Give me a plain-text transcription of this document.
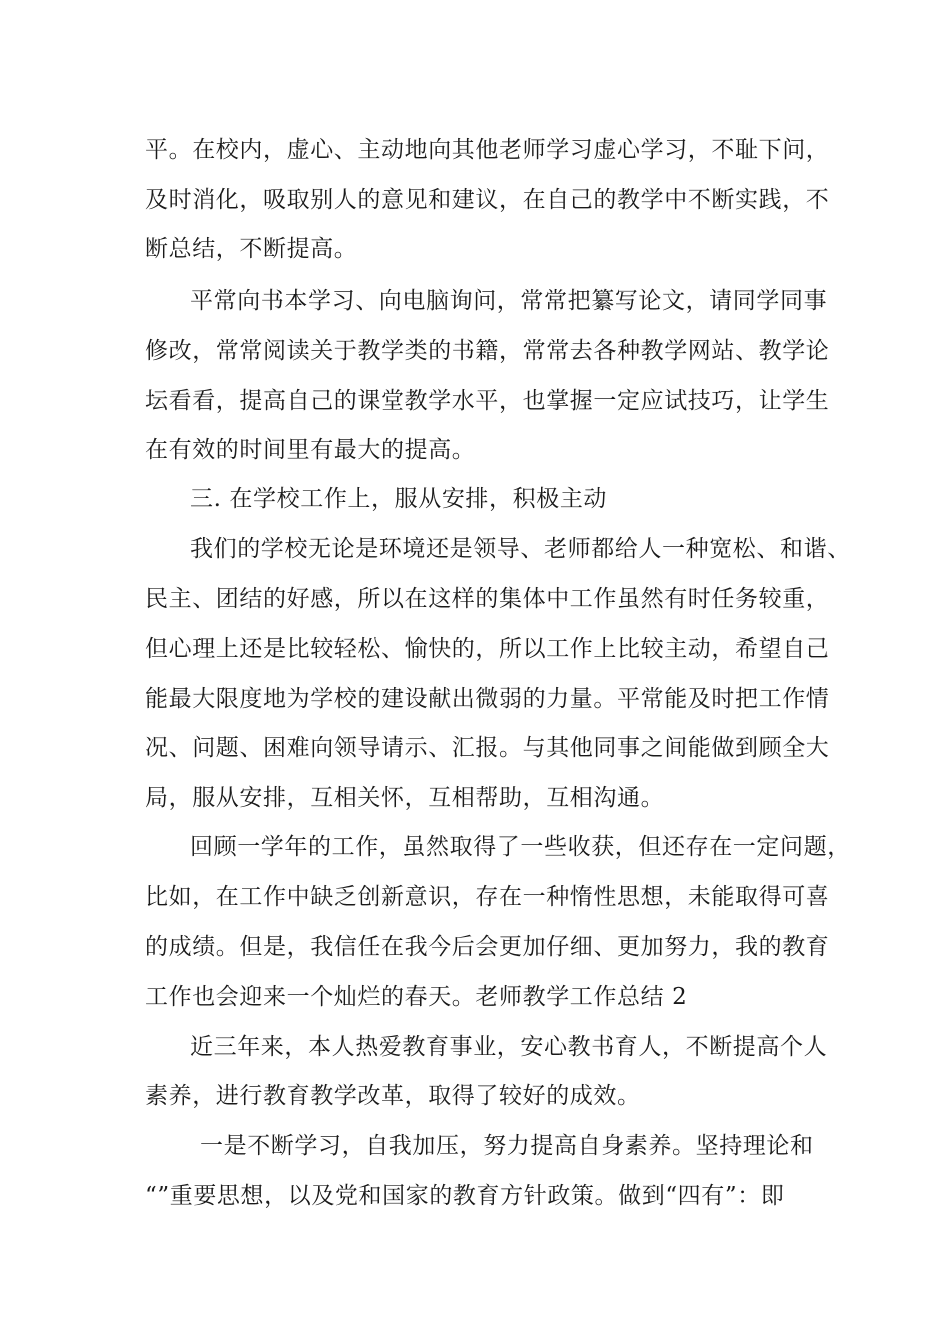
平。在校内，虚心、主动地向其他老师学习虚心学习，不耻下问，
及时消化，吸取别人的意见和建议，在自己的教学中不断实践，不
断总结，不断提高。
平常向书本学习、向电脑询问，常常把纂写论文，请同学同事
修改，常常阅读关于教学类的书籍，常常去各种教学网站、教学论
坛看看，提高自己的课堂教学水平，也掌握一定应试技巧，让学生
在有效的时间里有最大的提高。
三. 在学校工作上，服从安排，积极主动
我们的学校无论是环境还是领导、老师都给人一种宽松、和谐、
民主、团结的好感，所以在这样的集体中工作虽然有时任务较重，
但心理上还是比较轻松、愉快的，所以工作上比较主动，希望自己
能最大限度地为学校的建设献出微弱的力量。平常能及时把工作情
况、问题、困难向领导请示、汇报。与其他同事之间能做到顾全大
局，服从安排，互相关怀，互相帮助，互相沟通。
回顾一学年的工作，虽然取得了一些收获，但还存在一定问题，
比如，在工作中缺乏创新意识，存在一种惰性思想，未能取得可喜
的成绩。但是，我信任在我今后会更加仔细、更加努力，我的教育
工作也会迎来一个灿烂的春天。老师教学工作总结 2
近三年来，本人热爱教育事业，安心教书育人，不断提高个人
素养，进行教育教学改革，取得了较好的成效。
一是不断学习，自我加压，努力提高自身素养。坚持理论和
“”重要思想，以及党和国家的教育方针政策。做到“四有”：即
